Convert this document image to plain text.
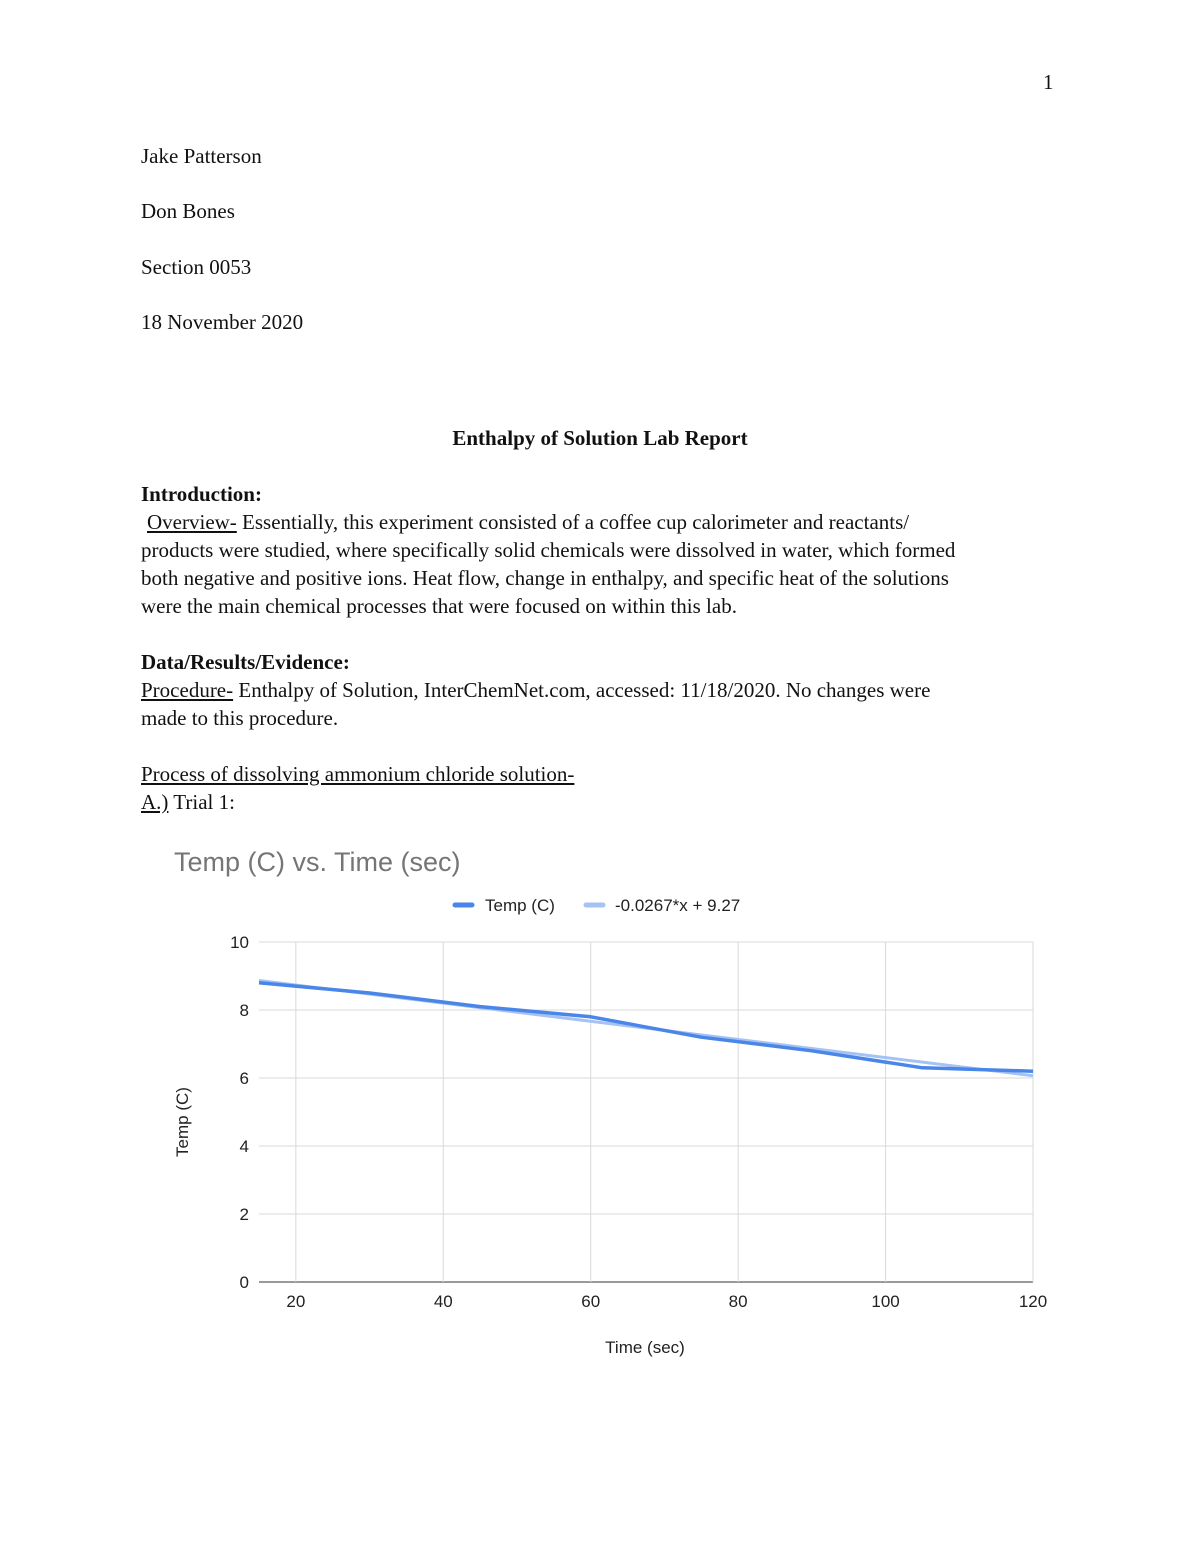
1
Jake Patterson
Don Bones
Section 0053
18 November 2020
Enthalpy of Solution Lab Report
Introduction:
Overview- Essentially, this experiment consisted of a coffee cup calorimeter and reactants/
products were studied, where specifically solid chemicals were dissolved in water, which formed
both negative and positive ions. Heat flow, change in enthalpy, and specific heat of the solutions
were the main chemical processes that were focused on within this lab.
Data/Results/Evidence:
Procedure- Enthalpy of Solution, InterChemNet.com, accessed: 11/18/2020. No changes were
made to this procedure.
Process of dissolving ammonium chloride solution-
A.) Trial 1:
Temp (C) vs. Time (sec)
Temp (C)	-0.0267*x + 9.27
0
2
4
6
8
10
20	40	60	80	100	120
Time (sec)
Temp (C)
